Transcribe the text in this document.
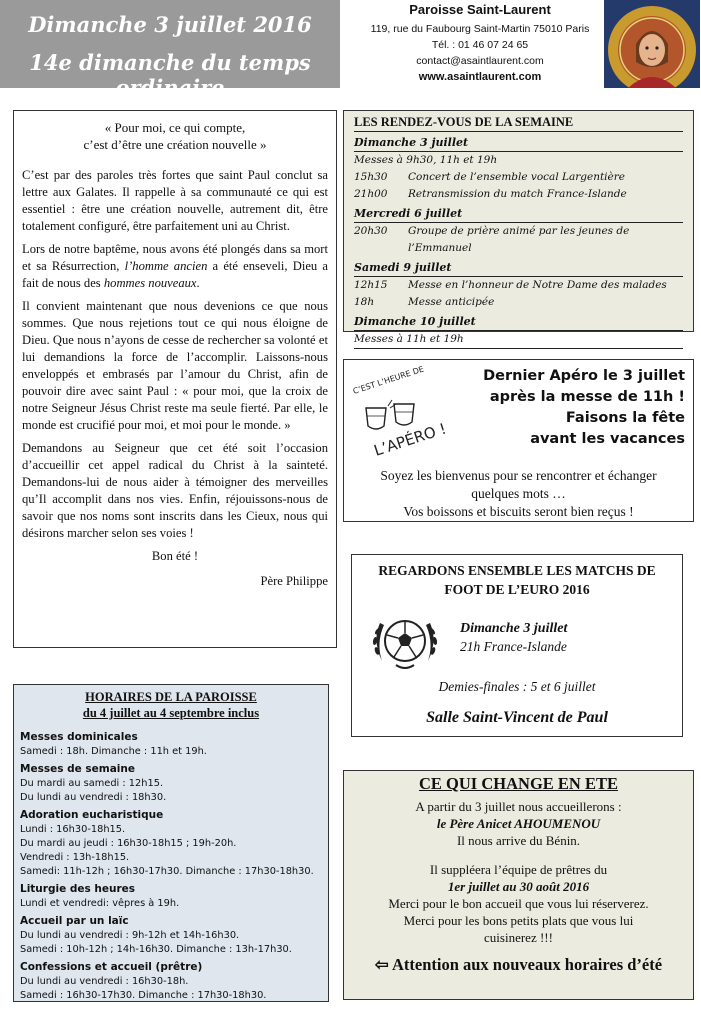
Dimanche 3 juillet 2016
14e dimanche du temps ordinaire
Paroisse Saint-Laurent
119, rue du Faubourg Saint-Martin 75010 Paris
Tél. : 01 46 07 24 65
contact@asaintlaurent.com
www.asaintlaurent.com
« Pour moi, ce qui compte,
c’est d’être une création nouvelle »

C’est par des paroles très fortes que saint Paul conclut sa lettre aux Galates. Il rappelle à sa communauté ce qui est essentiel : être une création nouvelle, autrement dit, être totalement configuré, être parfaitement uni au Christ.

Lors de notre baptême, nous avons été plongés dans sa mort et sa Résurrection, l’homme ancien a été enseveli, Dieu a fait de nous des hommes nouveaux.

Il convient maintenant que nous devenions ce que nous sommes. Que nous rejetions tout ce qui nous éloigne de Dieu. Que nous n’ayons de cesse de rechercher sa volonté et lui demandions la force de l’accomplir. Laissons-nous enveloppés et embrasés par l’amour du Christ, afin de pouvoir dire avec saint Paul : « pour moi, que la croix de notre Seigneur Jésus Christ reste ma seule fierté. Par elle, le monde est crucifié pour moi, et moi pour le monde. »

Demandons au Seigneur que cet été soit l’occasion d’accueillir cet appel radical du Christ à la sainteté. Demandons-lui de nous aider à témoigner des merveilles qu’Il accomplit dans nos vies. Enfin, réjouissons-nous de savoir que nos noms sont inscrits dans les Cieux, nous qui désirons marcher selon ses voies !

Bon été !
Père Philippe
LES RENDEZ-VOUS DE LA SEMAINE
Dimanche 3 juillet
Messes à 9h30, 11h et 19h
15h30	Concert de l’ensemble vocal Largentière
21h00	Retransmission du match France-Islande
Mercredi 6 juillet
20h30	Groupe de prière animé par les jeunes de l’Emmanuel
Samedi 9 juillet
12h15	Messe en l’honneur de Notre Dame des malades
18h	Messe anticipée
Dimanche 10 juillet
Messes à 11h et 19h
C’EST L’HEURE DE
L’APÉRO !
Dernier Apéro le 3 juillet
après la messe de 11h !
Faisons la fête
avant les vacances
Soyez les bienvenus pour se rencontrer et échanger
quelques mots …
Vos boissons et biscuits seront bien reçus !
REGARDONS ENSEMBLE LES MATCHS DE
FOOT DE L’EURO 2016
Dimanche 3 juillet
21h France-Islande
Demies-finales : 5 et 6 juillet
Salle Saint-Vincent de Paul
HORAIRES DE LA PAROISSE
du 4 juillet au 4 septembre inclus
Messes dominicales
Samedi : 18h. Dimanche : 11h et 19h.
Messes de semaine
Du mardi au samedi : 12h15.
Du lundi au vendredi : 18h30.
Adoration eucharistique
Lundi : 16h30-18h15.
Du mardi au jeudi : 16h30-18h15 ; 19h-20h.
Vendredi : 13h-18h15.
Samedi: 11h-12h ; 16h30-17h30. Dimanche : 17h30-18h30.
Liturgie des heures
Lundi et vendredi: vêpres à 19h.
Accueil par un laïc
Du lundi au vendredi : 9h-12h et 14h-16h30.
Samedi : 10h-12h ; 14h-16h30. Dimanche : 13h-17h30.
Confessions et accueil (prêtre)
Du lundi au vendredi : 16h30-18h.
Samedi : 16h30-17h30. Dimanche : 17h30-18h30.
CE QUI CHANGE EN ETE
A partir du 3 juillet nous accueillerons :
le Père Anicet AHOUMENOU
Il nous arrive du Bénin.
Il suppléera l’équipe de prêtres du
1er juillet au 30 août 2016
Merci pour le bon accueil que vous lui réserverez.
Merci pour les bons petits plats que vous lui
cuisinerez !!!
⇦ Attention aux nouveaux horaires d’été
